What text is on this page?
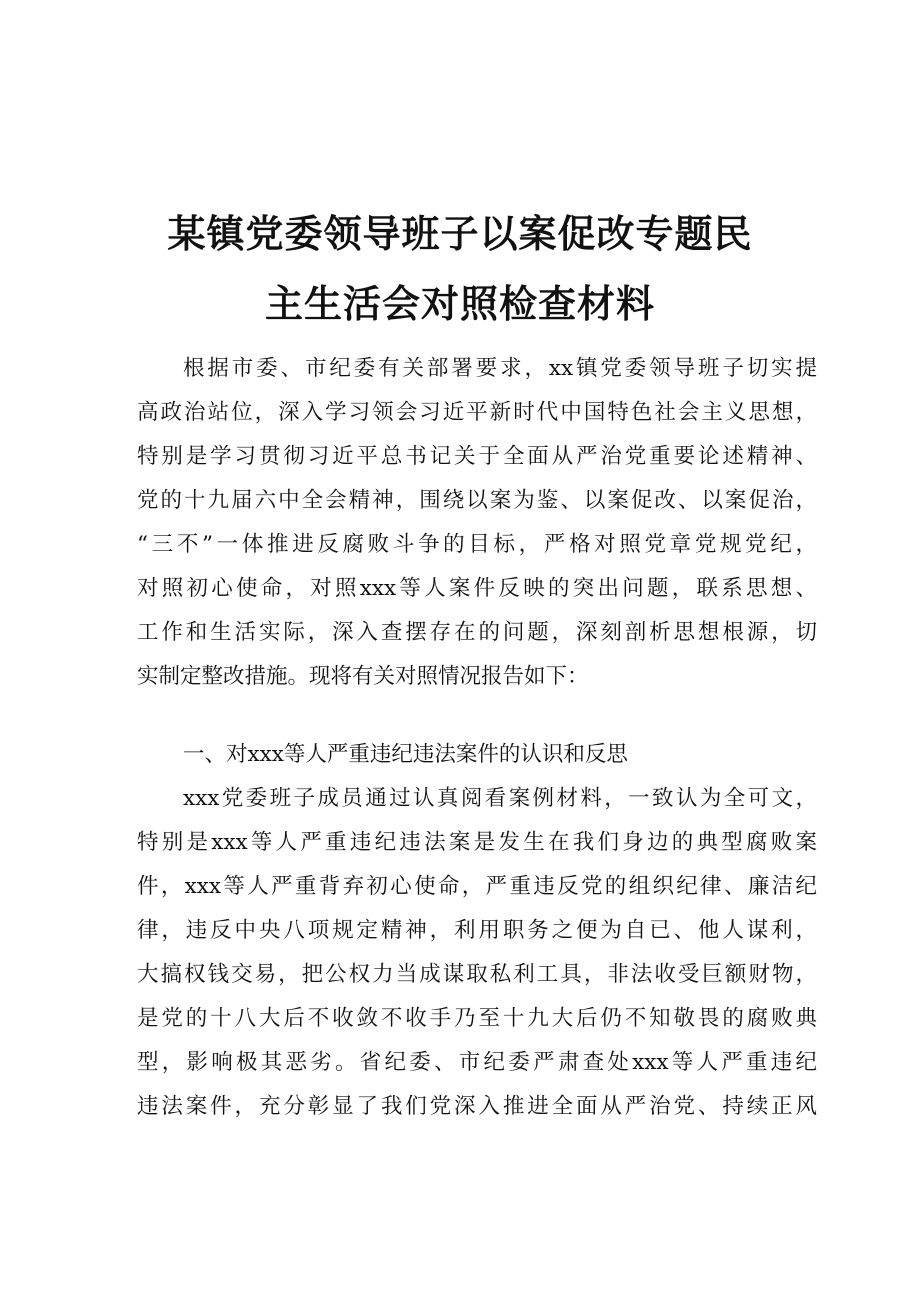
某镇党委领导班子以案促改专题民
主生活会对照检查材料
根据市委、市纪委有关部署要求，xx镇党委领导班子切实提
高政治站位，深入学习领会习近平新时代中国特色社会主义思想，
特别是学习贯彻习近平总书记关于全面从严治党重要论述精神、
党的十九届六中全会精神，围绕以案为鉴、以案促改、以案促治，
“三不”一体推进反腐败斗争的目标，严格对照党章党规党纪，
对照初心使命，对照xxx等人案件反映的突出问题，联系思想、
工作和生活实际，深入查摆存在的问题，深刻剖析思想根源，切
实制定整改措施。现将有关对照情况报告如下：
一、对xxx等人严重违纪违法案件的认识和反思
xxx党委班子成员通过认真阅看案例材料，一致认为全可文，
特别是xxx等人严重违纪违法案是发生在我们身边的典型腐败案
件，xxx等人严重背弃初心使命，严重违反党的组织纪律、廉洁纪
律，违反中央八项规定精神，利用职务之便为自已、他人谋利，
大搞权钱交易，把公权力当成谋取私利工具，非法收受巨额财物，
是党的十八大后不收敛不收手乃至十九大后仍不知敬畏的腐败典
型，影响极其恶劣。省纪委、市纪委严肃查处xxx等人严重违纪
违法案件，充分彰显了我们党深入推进全面从严治党、持续正风
